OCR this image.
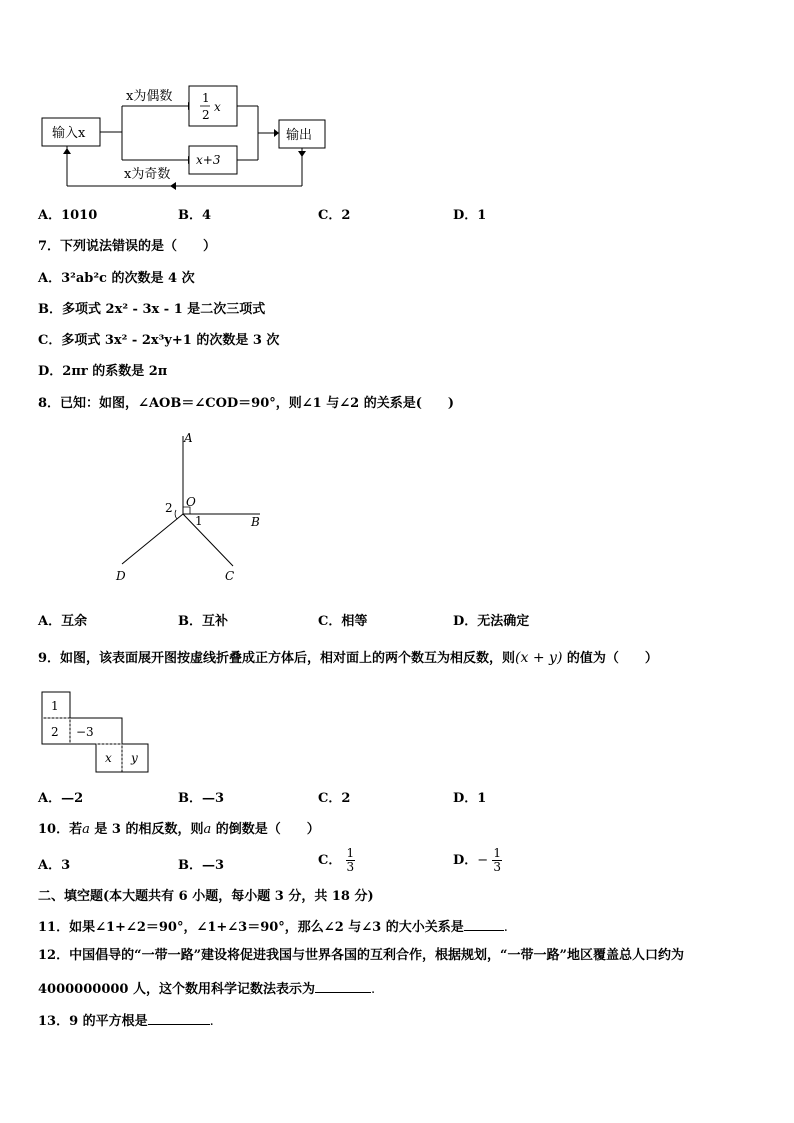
输入x
x为偶数
x为奇数
1
2
x
x+3
输出
A．1010	B．4	C．2	D．1
7．下列说法错误的是（　　）
A．3²ab²c 的次数是 4 次
B．多项式 2x² - 3x - 1 是二次三项式
C．多项式 3x² - 2x³y+1 的次数是 3 次
D．2πr 的系数是 2π
8．已知：如图，∠AOB＝∠COD＝90°，则∠1 与∠2 的关系是(　　)
A
O
B
C
D
1
2
A．互余	B．互补	C．相等	D．无法确定
9．如图，该表面展开图按虚线折叠成正方体后，相对面上的两个数互为相反数，则(x + y) 的值为（　　）
1
2 −3
x y
A．—2	B．—3	C．2	D．1
10．若a 是 3 的相反数，则a 的倒数是（　　）
A．3	B．—3	C． $\frac{1}{3}$	D．− $\frac{1}{3}$
二、填空题(本大题共有 6 小题，每小题 3 分，共 18 分)
11．如果∠1+∠2＝90°，∠1+∠3＝90°，那么∠2 与∠3 的大小关系是	.
12．中国倡导的“一带一路”建设将促进我国与世界各国的互利合作，根据规划，“一带一路”地区覆盖总人口约为
4000000000 人，这个数用科学记数法表示为	.
13．9 的平方根是	.
